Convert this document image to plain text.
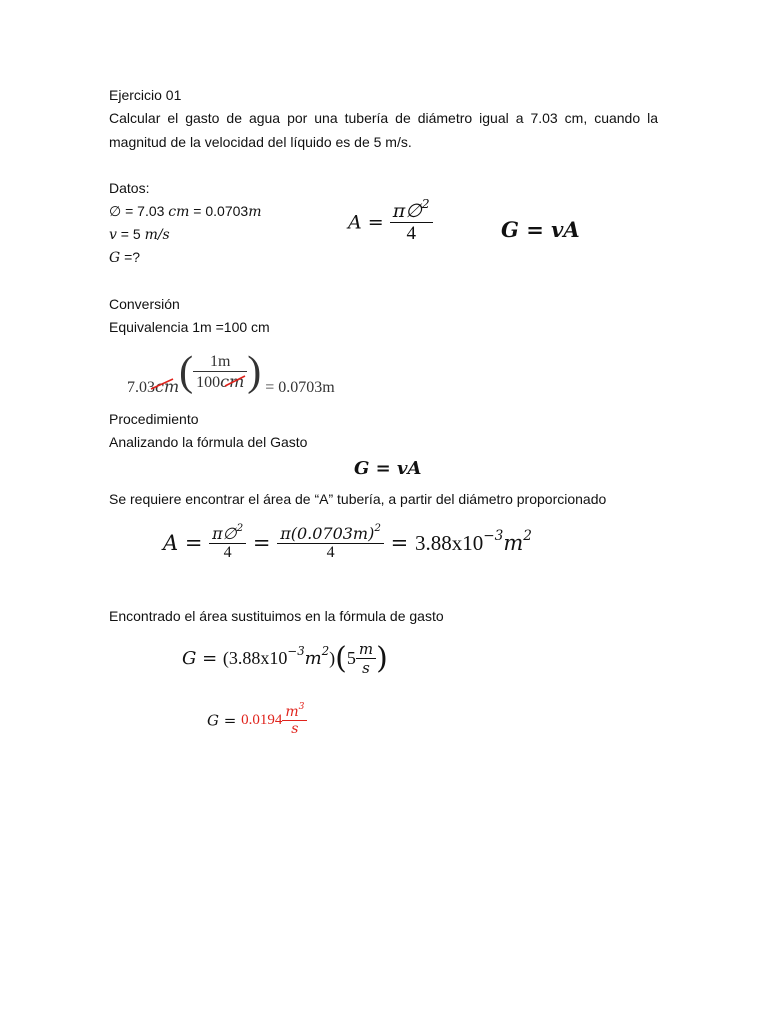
Ejercicio 01
Calcular el gasto de agua por una tubería de diámetro igual a 7.03 cm, cuando la
magnitud de la velocidad del líquido es de 5 m/s.
Datos:
∅ = 7.03 cm = 0.0703m
v = 5 m/s
G =?
$A = \frac{\pi\emptyset^2}{4}$	G = vA
Conversión
Equivalencia 1m =100 cm
7.03cm
( $\frac{1m}{100cm}$ ) = 0.0703m
Procedimiento
Analizando la fórmula del Gasto
G = vA
Se requiere encontrar el área de “A” tubería, a partir del diámetro proporcionado
$A = \frac{\pi\emptyset^2}{4} = \frac{\pi(0.0703m)^2}{4} = 3.88x10^{-3}m^2$
Encontrado el área sustituimos en la fórmula de gasto
$G = (3.88x10^{-3}m^2)(5 \frac{m}{s}$ )
$G = 0.0194 \frac{m^3}{s}$
